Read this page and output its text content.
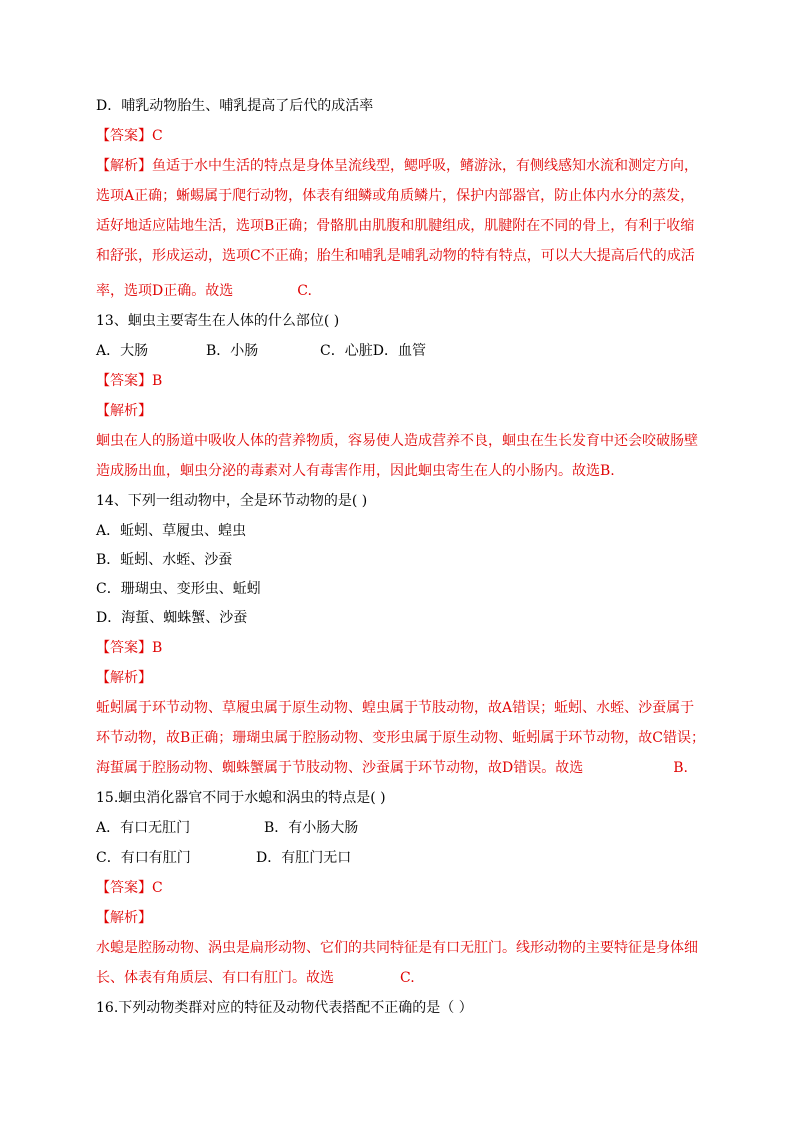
D．哺乳动物胎生、哺乳提高了后代的成活率
【答案】C
【解析】鱼适于水中生活的特点是身体呈流线型，鳃呼吸，鳍游泳，有侧线感知水流和测定方向，
选项A正确；蜥蜴属于爬行动物，体表有细鳞或角质鳞片，保护内部器官，防止体内水分的蒸发，
适好地适应陆地生活，选项B正确；骨骼肌由肌腹和肌腱组成，肌腱附在不同的骨上，有利于收缩
和舒张，形成运动，选项C不正确；胎生和哺乳是哺乳动物的特有特点，可以大大提高后代的成活
率，选项D正确。故选	C.
13、蛔虫主要寄生在人体的什么部位( )
A．大肠	B．小肠	C．心脏D．血管
【答案】B
【解析】
蛔虫在人的肠道中吸收人体的营养物质，容易使人造成营养不良，蛔虫在生长发育中还会咬破肠壁
造成肠出血，蛔虫分泌的毒素对人有毒害作用，因此蛔虫寄生在人的小肠内。故选B.
14、下列一组动物中，全是环节动物的是( )
A．蚯蚓、草履虫、蝗虫
B．蚯蚓、水蛭、沙蚕
C．珊瑚虫、变形虫、蚯蚓
D．海蜇、蜘蛛蟹、沙蚕
【答案】B
【解析】
蚯蚓属于环节动物、草履虫属于原生动物、蝗虫属于节肢动物，故A错误；蚯蚓、水蛭、沙蚕属于
环节动物，故B正确；珊瑚虫属于腔肠动物、变形虫属于原生动物、蚯蚓属于环节动物，故C错误；
海蜇属于腔肠动物、蜘蛛蟹属于节肢动物、沙蚕属于环节动物，故D错误。故选	B.
15.蛔虫消化器官不同于水螅和涡虫的特点是( )
A．有口无肛门	B．有小肠大肠
C．有口有肛门	D．有肛门无口
【答案】C
【解析】
水螅是腔肠动物、涡虫是扁形动物、它们的共同特征是有口无肛门。线形动物的主要特征是身体细
长、体表有角质层、有口有肛门。故选	C.
16.下列动物类群对应的特征及动物代表搭配不正确的是（ ）
